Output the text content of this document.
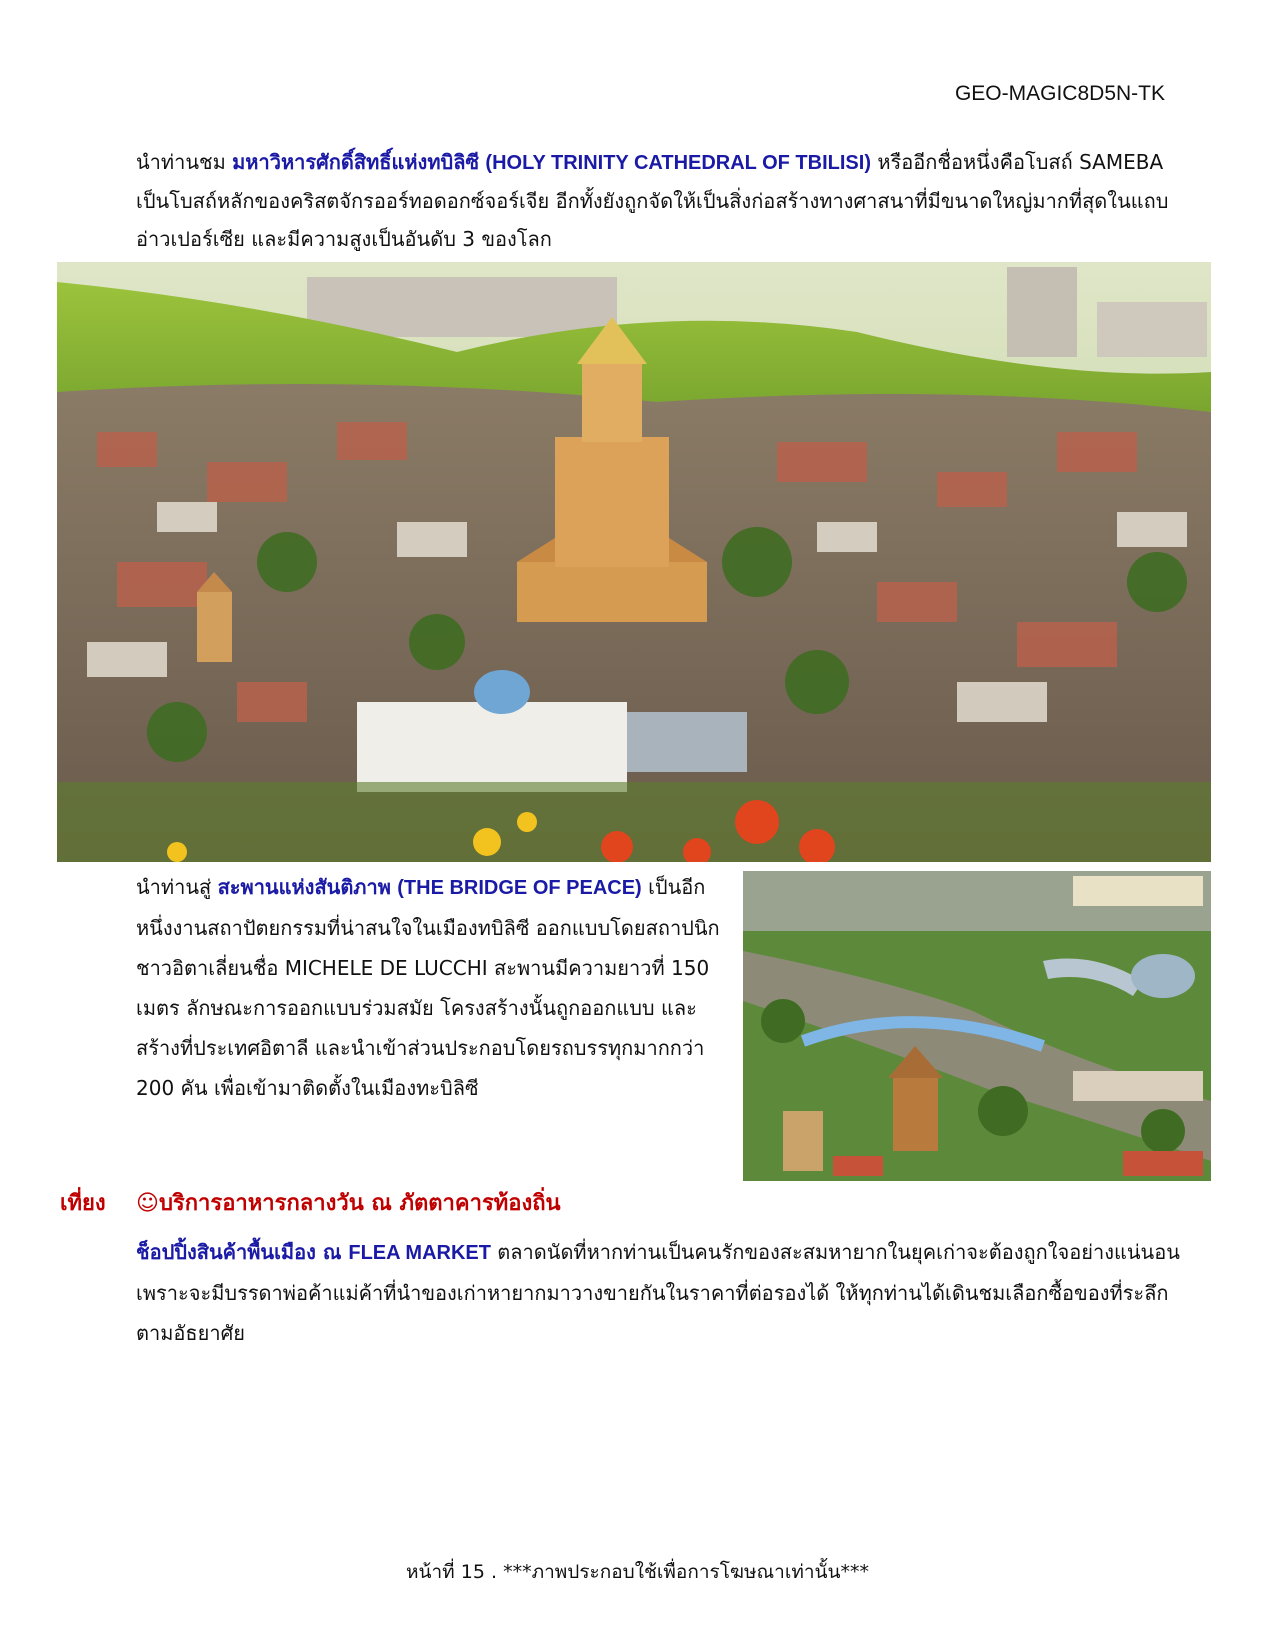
GEO-MAGIC8D5N-TK
นำท่านชม มหาวิหารศักดิ์สิทธิ์แห่งทบิลิซี (HOLY TRINITY CATHEDRAL OF TBILISI) หรืออีกชื่อหนึ่งคือโบสถ์ SAMEBA เป็นโบสถ์หลักของคริสตจักรออร์ทอดอกซ์จอร์เจีย อีกทั้งยังถูกจัดให้เป็นสิ่งก่อสร้างทางศาสนาที่มีขนาดใหญ่มากที่สุดในแถบอ่าวเปอร์เซีย และมีความสูงเป็นอันดับ 3 ของโลก
นำท่านสู่ สะพานแห่งสันติภาพ (THE BRIDGE OF PEACE) เป็นอีกหนึ่งงานสถาปัตยกรรมที่น่าสนใจในเมืองทบิลิซี ออกแบบโดยสถาปนิกชาวอิตาเลี่ยนชื่อ MICHELE DE LUCCHI สะพานมีความยาวที่ 150 เมตร ลักษณะการออกแบบร่วมสมัย โครงสร้างนั้นถูกออกแบบ และสร้างที่ประเทศอิตาลี และนำเข้าส่วนประกอบโดยรถบรรทุกมากกว่า 200 คัน เพื่อเข้ามาติดตั้งในเมืองทะบิลิซี
เที่ยง ☺บริการอาหารกลางวัน ณ ภัตตาคารท้องถิ่น
ช็อปปิ้งสินค้าพื้นเมือง ณ FLEA MARKET ตลาดนัดที่หากท่านเป็นคนรักของสะสมหายากในยุคเก่าจะต้องถูกใจอย่างแน่นอน เพราะจะมีบรรดาพ่อค้าแม่ค้าที่นำของเก่าหายากมาวางขายกันในราคาที่ต่อรองได้ ให้ทุกท่านได้เดินชมเลือกซื้อของที่ระลึกตามอัธยาศัย
หน้าที่ 15 . ***ภาพประกอบใช้เพื่อการโฆษณาเท่านั้น***
